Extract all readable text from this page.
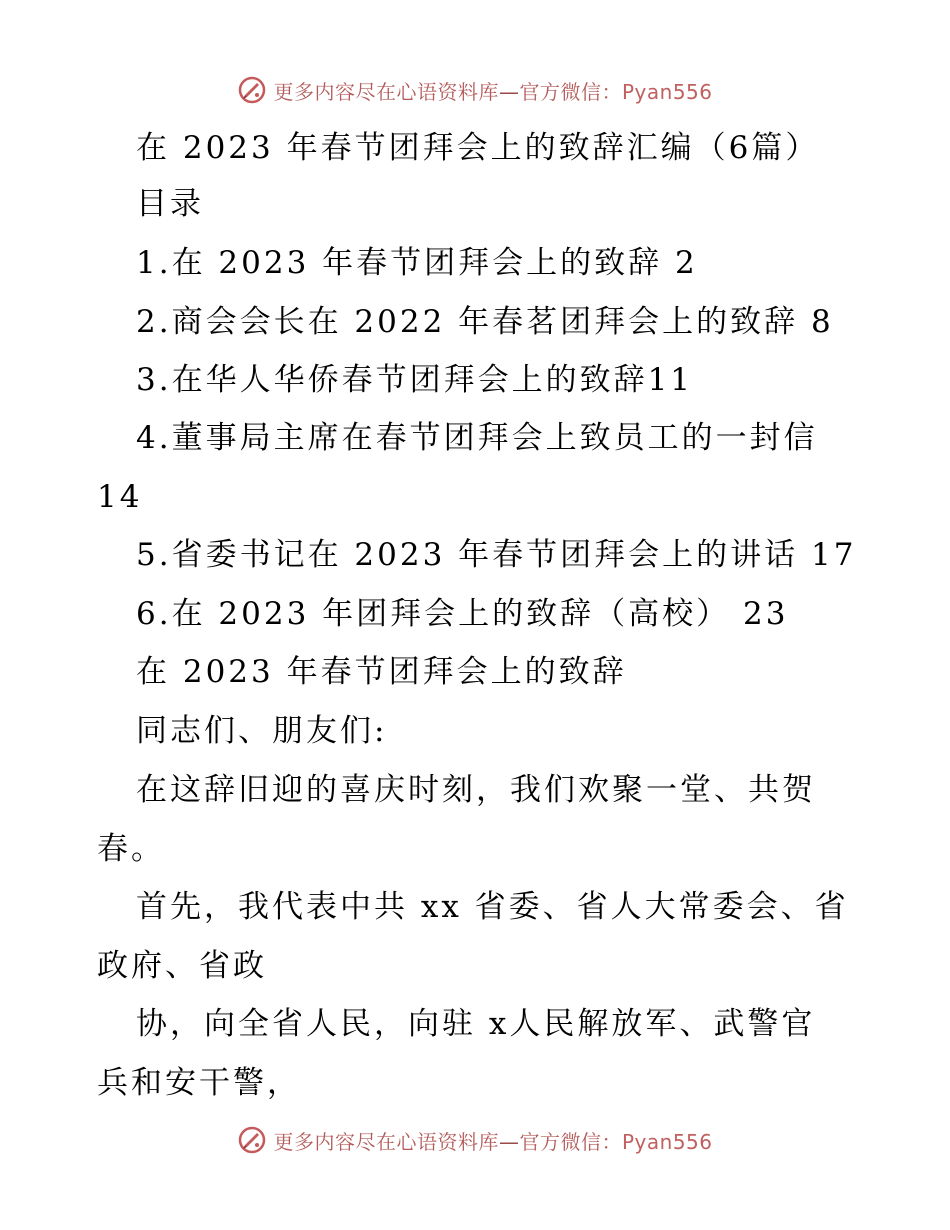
更多内容尽在心语资料库—官方微信：Pyan556
在 2023 年春节团拜会上的致辞汇编（6篇）
目录
1.在 2023 年春节团拜会上的致辞 2
2.商会会长在 2022 年春茗团拜会上的致辞 8
3.在华人华侨春节团拜会上的致辞11
4.董事局主席在春节团拜会上致员工的一封信
14
5.省委书记在 2023 年春节团拜会上的讲话 17
6.在 2023 年团拜会上的致辞（高校） 23
在 2023 年春节团拜会上的致辞
同志们、朋友们:
在这辞旧迎的喜庆时刻，我们欢聚一堂、共贺
春。
首先，我代表中共 xx 省委、省人大常委会、省
政府、省政
协，向全省人民，向驻 x人民解放军、武警官
兵和安干警，
更多内容尽在心语资料库—官方微信：Pyan556
